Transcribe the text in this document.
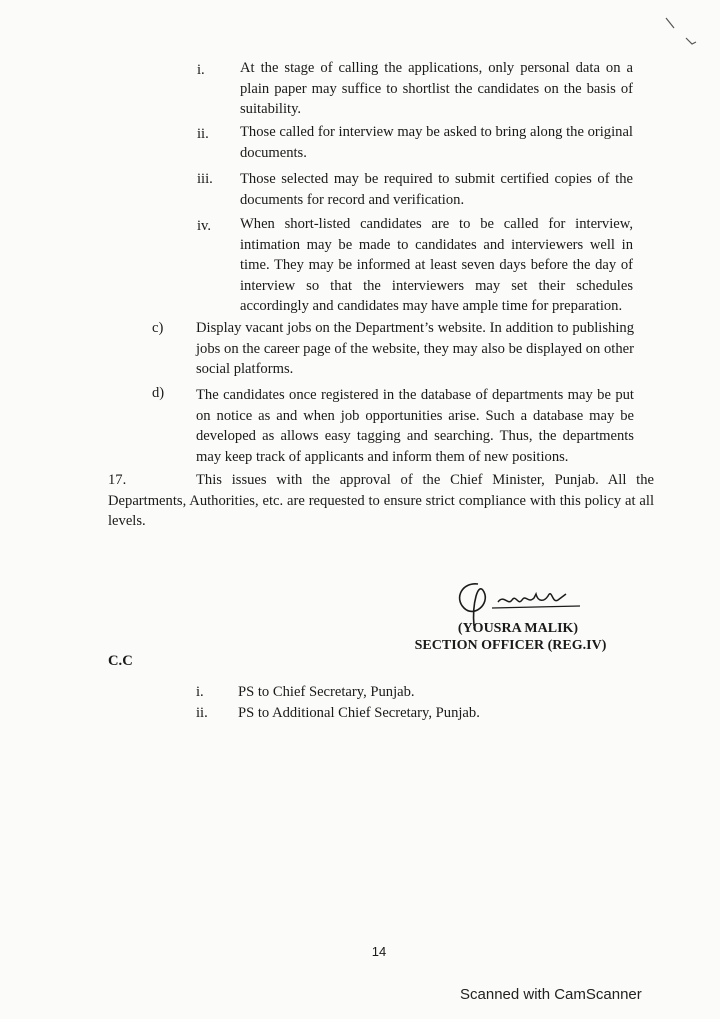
i. At the stage of calling the applications, only personal data on a plain paper may suffice to shortlist the candidates on the basis of suitability.
ii. Those called for interview may be asked to bring along the original documents.
iii. Those selected may be required to submit certified copies of the documents for record and verification.
iv. When short-listed candidates are to be called for interview, intimation may be made to candidates and interviewers well in time. They may be informed at least seven days before the day of interview so that the interviewers may set their schedules accordingly and candidates may have ample time for preparation.
c) Display vacant jobs on the Department’s website. In addition to publishing jobs on the career page of the website, they may also be displayed on other social platforms.
d) The candidates once registered in the database of departments may be put on notice as and when job opportunities arise. Such a database may be developed as allows easy tagging and searching. Thus, the departments may keep track of applicants and inform them of new positions.
17.	This issues with the approval of the Chief Minister, Punjab. All the Departments, Authorities, etc. are requested to ensure strict compliance with this policy at all levels.
(YOUSRA MALIK)
SECTION OFFICER (REG.IV)
C.C
i. PS to Chief Secretary, Punjab.
ii. PS to Additional Chief Secretary, Punjab.
14
Scanned with CamScanner
